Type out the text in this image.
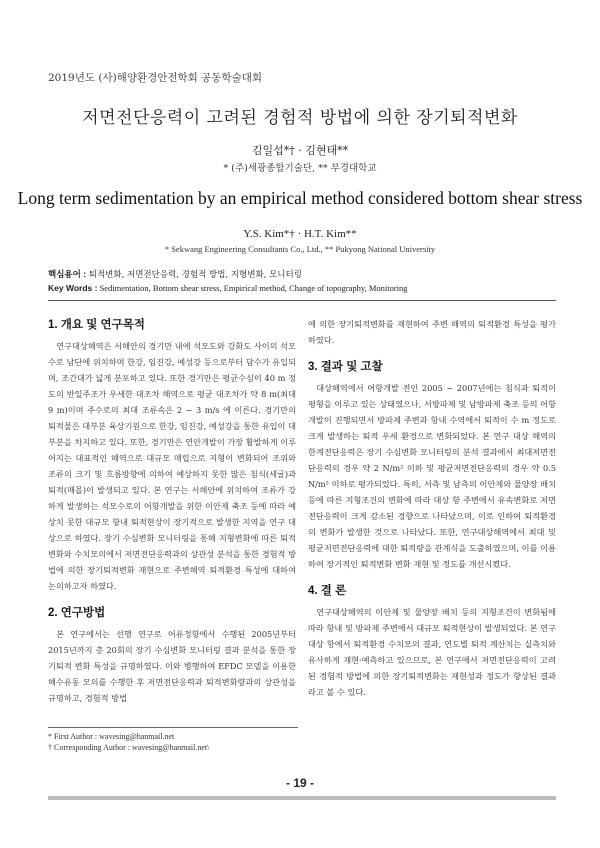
2019년도 (사)해양환경안전학회 공동학술대회
저면전단응력이 고려된 경험적 방법에 의한 장기퇴적변화
김일섭*† · 김현태**
* (주)세광종합기술단, ** 부경대학교
Long term sedimentation by an empirical method considered bottom shear stress
Y.S. Kim*† · H.T. Kim**
* Sekwang Engineering Consultants Co., Ltd., ** Pukyong National University
핵심용어 : 퇴적변화, 저면전단응력, 경험적 방법, 지형변화, 모니터링
Key Words : Sedimentation, Bottom shear stress, Empirical method, Change of topography, Monitoring
1. 개요 및 연구목적

연구대상해역은 서해안의 경기만 내에 석모도와 강화도 사이의 석모수로 남단에 위치하며 한강, 임진강, 예성강 등으로부터 담수가 유입되며, 조간대가 넓게 분포하고 있다. 또한 경기만은 평균수심이 40 m 정도의 반일주조가 우세한 대조차 해역으로 평균 대조차가 약 8 m(최대 9 m)이며 주수로의 최대 조류속은 2 ~ 3 m/s 에 이른다. 경기만의 퇴적물은 대부분 육상기원으로 한강, 임진강, 예성강을 통한 유입이 대부분을 차지하고 있다. 또한, 경기만은 연안개발이 가장 활발하게 이루어지는 대표적인 해역으로 대규모 매립으로 지형이 변화되어 조위와 조류의 크기 및 흐름방향에 의하여 예상하지 못한 많은 침식(세굴)과 퇴적(매몰)이 발생되고 있다. 본 연구는 서해안에 위치하여 조류가 강하게 발생하는 석모수로의 어항개발을 위한 이안제 축조 등에 따라 예상치 못한 대규모 항내 퇴적현상이 장기적으로 발생한 지역을 연구 대상으로 하였다. 장기 수심변화 모니터링을 통해 지형변화에 따른 퇴적변화와 수치모의에서 저면전단응력과의 상관성 분석을 통한 경험적 방법에 의한 장기퇴적변화 재현으로 주변해역 퇴적환경 특성에 대하여 논의하고자 하였다.

2. 연구방법

본 연구에서는 선행 연구로 어유정항에서 수행된 2005년부터 2015년까지 총 20회의 장기 수심변화 모니터링 결과 분석을 통한 장기퇴적 변화 특성을 규명하였다. 이와 병행하여 EFDC 모델을 이용한 해수유동 모의를 수행한 후 저면전단응력과 퇴적변화량과의 상관성을 규명하고, 경험적 방법

에 의한 장기퇴적변화를 재현하여 주변 해역의 퇴적환경 특성을 평가하였다.

3. 결과 및 고찰

대상해역에서 어항개발 전인 2005 ~ 2007년에는 침식과 퇴적이 평형을 이루고 있는 상태였으나, 서방파제 및 남방파제 축조 등의 어항개발이 진행되면서 방파제 주변과 항내 수역에서 퇴적이 수 m 정도로 크게 발생하는 퇴적 우세 환경으로 변화되었다. 본 연구 대상 해역의 한계전단응력은 장기 수심변화 모니터링의 분석 결과에서 최대저면전단응력의 경우 약 2 N/m² 이하 및 평균저면전단응력의 경우 약 0.5 N/m² 이하로 평가되었다. 특히, 서측 및 남측의 이안제와 물양장 배치 등에 따른 지형조건의 변화에 따라 대상 항 주변에서 유속변화로 저면전단응력이 크게 감소된 경향으로 나타났으며, 이로 인하여 퇴적환경의 변화가 발생한 것으로 나타났다. 또한, 연구대상해역에서 최대 및 평균저면전단응력에 대한 퇴적량을 관계식을 도출하였으며, 이를 이용하여 장기적인 퇴적변화 변화 재현 및 정도를 개선시켰다.

4. 결 론

연구대상해역의 이안제 및 물양장 배치 등의 지형조건이 변화됨에 따라 항내 및 방파제 주변에서 대규모 퇴적현상이 발생되었다. 본 연구 대상 항에서 퇴적환경 수치모의 결과, 연도별 퇴적 계산치는 실측치와 유사하게 재현·예측하고 있으므로, 본 연구에서 저면전단응력이 고려된 경험적 방법에 의한 장기퇴적변화는 재현성과 정도가 향상된 결과라고 볼 수 있다.

* First Author : wavesing@hanmail.net
† Corresponding Author : wavesing@hanmail.net\
- 19 -
